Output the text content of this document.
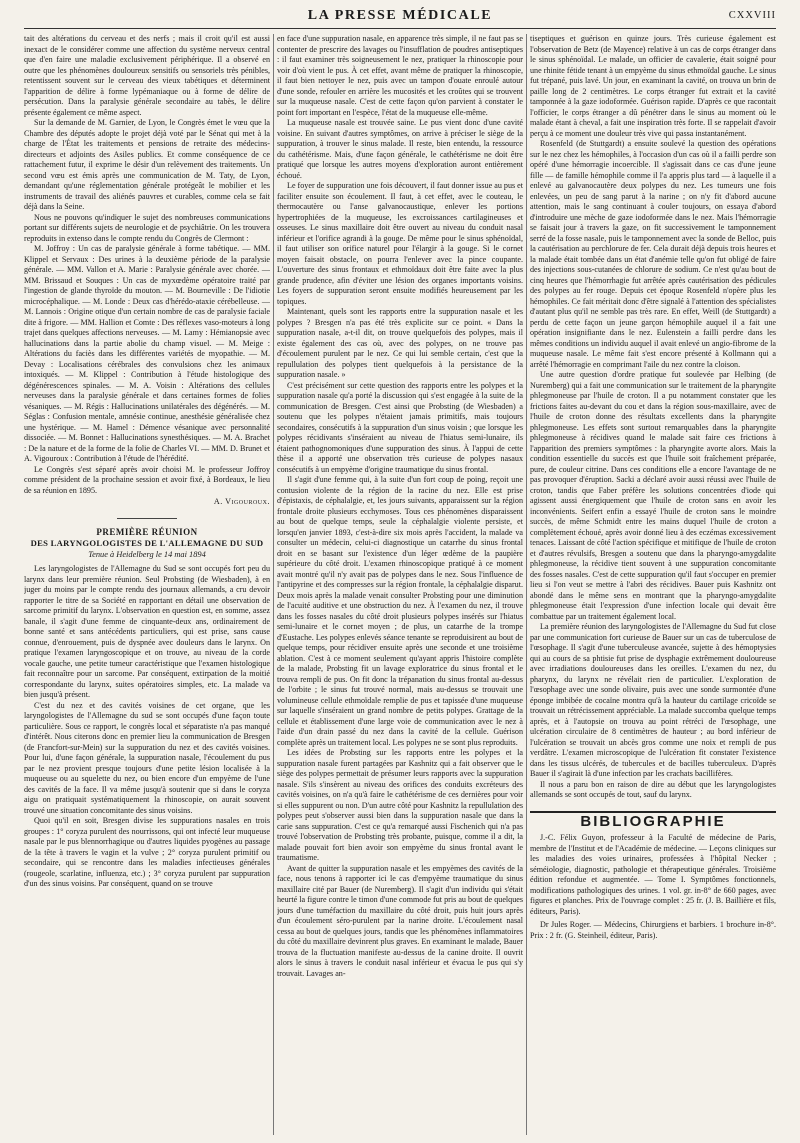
LA PRESSE MÉDICALE	CXXVIII

tait des altérations du cerveau et des nerfs ; mais il croit qu'il est aussi inexact de le considérer comme une affection du système nerveux central que d'en faire une maladie exclusivement périphérique. Il a observé en outre que les phénomènes douloureux sensitifs ou sensoriels très pénibles, retentissent souvent sur le cerveau des vieux tabétiques et déterminent l'apparition de délire à forme lypémaniaque ou à forme de délire de persécution. Dans la paralysie générale secondaire au tabès, le délire présente également ce même aspect.

Sur la demande de M. Garnier, de Lyon, le Congrès émet le vœu que la Chambre des députés adopte le projet déjà voté par le Sénat qui met à la charge de l'État les traitements et pensions de retraite des médecins-directeurs et adjoints des Asiles publics. Et comme conséquence de ce rattachement futur, il exprime le désir d'un relèvement des traitements. Un second vœu est émis après une communication de M. Taty, de Lyon, demandant qu'une réglementation générale protégeât le mobilier et les instruments de travail des aliénés pauvres et curables, comme cela se fait déjà dans la Seine.

Nous ne pouvons qu'indiquer le sujet des nombreuses communications portant sur différents sujets de neurologie et de psychiâtrie. On les trouvera reproduits in extenso dans le compte rendu du Congrès de Clermont :

M. Joffroy : Un cas de paralysie générale à forme tabétique. — MM. Klippel et Servaux : Des urines à la deuxième période de la paralysie générale. — MM. Vallon et A. Marie : Paralysie générale avec chorée. — MM. Brissaud et Souques : Un cas de myxœdème opératoire traité par l'ingestion de glande thyroïde du mouton. — M. Bourneville : De l'idiotie microcéphalique. — M. Londe : Deux cas d'hérédo-ataxie cérébelleuse. — M. Lannois : Origine otique d'un certain nombre de cas de paralysie faciale dite à frigore. — MM. Hallion et Comte : Des réflexes vaso-moteurs à long trajet dans quelques affections nerveuses. — M. Lamy : Hémianopsie avec hallucinations dans la partie abolie du champ visuel. — M. Meige : Altérations du faciès dans les différentes variétés de myopathie. — M. Devay : Localisations cérébrales des convulsions chez les animaux intoxiqués. — M. Klippel : Contribution à l'étude histologique des dégénérescences spinales. — M. A. Voisin : Altérations des cellules nerveuses dans la paralysie générale et dans certaines formes de folies vésaniques. — M. Régis : Hallucinations unilatérales des dégénérés. — M. Séglas : Confusion mentale, amnésie continue, anesthésie généralisée chez une hystérique. — M. Hamel : Démence vésanique avec personnalité dissociée. — M. Bonnet : Hallucinations synesthésiques. — M. A. Brachet : De la nature et de la forme de la folie de Charles VI. — MM. D. Brunet et A. Vigouroux : Contribution à l'étude de l'hérédité.

Le Congrès s'est séparé après avoir choisi M. le professeur Joffroy comme président de la prochaine session et avoir fixé, à Bordeaux, le lieu de sa réunion en 1895.

A. Vigouroux.
PREMIÈRE RÉUNION
DES LARYNGOLOGISTES DE L'ALLEMAGNE DU SUD
Tenue à Heidelberg le 14 mai 1894

Les laryngologistes de l'Allemagne du Sud se sont occupés fort peu du larynx dans leur première réunion. Seul Probsting (de Wiesbaden), à en juger du moins par le compte rendu des journaux allemands, a cru devoir rapporter le titre de sa Société en rapportant en détail une observation de sarcome primitif du larynx. L'observation en question est, en somme, assez banale, il s'agit d'une femme de cinquante-deux ans, ordinairement de bonne santé et sans antécédents particuliers, qui est prise, sans cause connue, d'enrouement, puis de dyspnée avec douleurs dans le larynx. On pratique l'examen laryngoscopique et on trouve, au niveau de la corde vocale gauche, une petite tumeur caractéristique que l'examen histologique fait reconnaître pour un sarcome. Par conséquent, extirpation de la moitié correspondante du larynx, suites opératoires simples, etc. La malade va bien jusqu'à présent.

C'est du nez et des cavités voisines de cet organe, que les laryngologistes de l'Allemagne du sud se sont occupés d'une façon toute particulière. Sous ce rapport, le congrès local et séparatiste n'a pas manqué d'intérêt. Nous citerons donc en premier lieu la communication de Bresgen (de Francfort-sur-Mein) sur la suppuration du nez et des cavités voisines. Pour lui, d'une façon générale, la suppuration nasale, l'écoulement du pus par le nez provient presque toujours d'une petite lésion localisée à la muqueuse ou au squelette du nez, ou bien encore d'un empyème de l'une des cavités de la face. Il va même jusqu'à soutenir que si dans le coryza aigu on pratiquait systématiquement la rhinoscopie, on aurait souvent trouvé une situation concomitante des sinus voisins.

Quoi qu'il en soit, Bresgen divise les suppurations nasales en trois groupes : 1° coryza purulent des nourrissons, qui ont infecté leur muqueuse nasale par le pus blennorrhagique ou d'autres liquides pyogènes au passage de la tête à travers le vagin et la vulve ; 2° coryza purulent primitif ou secondaire, qui se rencontre dans les maladies infectieuses générales (rougeole, scarlatine, influenza, etc.) ; 3° coryza purulent par suppuration d'un des sinus voisins. Par conséquent, quand on se trouve

en face d'une suppuration nasale, en apparence très simple, il ne faut pas se contenter de prescrire des lavages ou l'insufflation de poudres antiseptiques : il faut examiner très soigneusement le nez, pratiquer la rhinoscopie pour voir d'où vient le pus. À cet effet, avant même de pratiquer la rhinoscopie, il faut bien nettoyer le nez, puis avec un tampon d'ouate enroulé autour d'une sonde, refouler en arrière les mucosités et les croûtes qui se trouvent sur la muqueuse nasale. C'est de cette façon qu'on parvient à constater le point fort important en l'espèce, l'état de la muqueuse elle-même.

La muqueuse nasale est trouvée saine. Le pus vient donc d'une cavité voisine. En suivant d'autres symptômes, on arrive à préciser le siège de la suppuration, à trouver le sinus malade. Il reste, bien entendu, la ressource du cathétérisme. Mais, d'une façon générale, le cathétérisme ne doit être pratiqué que lorsque les autres moyens d'exploration auront entièrement échoué.

Le foyer de suppuration une fois découvert, il faut donner issue au pus et faciliter ensuite son écoulement. Il faut, à cet effet, avec le couteau, le thermocautère ou l'anse galvanocaustique, enlever les portions hypertrophiées de la muqueuse, les excroissances cartilagineuses et osseuses. Le sinus maxillaire doit être ouvert au niveau du conduit nasal inférieur et l'orifice agrandi à la gouge. De même pour le sinus sphénoïdal, il faut utiliser son orifice naturel pour l'élargir à la gouge. Si le cornet moyen faisait obstacle, on pourra l'enlever avec la pince coupante. L'ouverture des sinus frontaux et ethmoïdaux doit être faite avec la plus grande prudence, afin d'éviter une lésion des organes importants voisins. Les foyers de suppuration seront ensuite modifiés heureusement par les topiques.

Maintenant, quels sont les rapports entre la suppuration nasale et les polypes ? Bresgen n'a pas été très explicite sur ce point. « Dans la suppuration nasale, a-t-il dit, on trouve quelquefois des polypes, mais il existe également des cas où, avec des polypes, on ne trouve pas d'écoulement purulent par le nez. Ce qui lui semble certain, c'est que la repullulation des polypes tient quelquefois à la persistance de la suppuration nasale. »

C'est précisément sur cette question des rapports entre les polypes et la suppuration nasale qu'a porté la discussion qui s'est engagée à la suite de la communication de Bresgen. C'est ainsi que Probsting (de Wiesbaden) a soutenu que les polypes n'étaient jamais primitifs, mais toujours secondaires, consécutifs à la suppuration d'un sinus voisin ; que lorsque les polypes récidivants s'inséraient au niveau de l'hiatus semi-lunaire, ils étaient pathognomoniques d'une suppuration des sinus. À l'appui de cette thèse il a apporté une observation très curieuse de polypes nasaux consécutifs à un empyème d'origine traumatique du sinus frontal.

Il s'agit d'une femme qui, à la suite d'un fort coup de poing, reçoit une contusion violente de la région de la racine du nez. Elle est prise d'épistaxis, de céphalalgie, et, les jours suivants, apparaissent sur la région frontale droite plusieurs ecchymoses. Tous ces phénomènes disparaissent au bout de quelque temps, seule la céphalalgie violente persiste, et lorsqu'en janvier 1893, c'est-à-dire six mois après l'accident, la malade va consulter un médecin, celui-ci diagnostique un catarrhe du sinus frontal droit en se basant sur l'existence d'un léger œdème de la paupière supérieure du côté droit. L'examen rhinoscopique pratiqué à ce moment avait montré qu'il n'y avait pas de polypes dans le nez. Sous l'influence de l'antipyrine et des compresses sur la région frontale, la céphalalgie disparut. Deux mois après la malade venait consulter Probsting pour une diminution de l'acuité auditive et une obstruction du nez. À l'examen du nez, il trouve dans les fosses nasales du côté droit plusieurs polypes insérés sur l'hiatus semi-lunaire et le cornet moyen ; de plus, un catarrhe de la trompe d'Eustache. Les polypes enlevés séance tenante se reproduisirent au bout de quelque temps, pour récidiver ensuite après une seconde et une troisième ablation. C'est à ce moment seulement qu'ayant appris l'histoire complète de la malade, Probsting fit un lavage exploratrice du sinus frontal et le trouva rempli de pus. On fit donc la trépanation du sinus frontal au-dessus de l'orbite ; le sinus fut trouvé normal, mais au-dessus se trouvait une volumineuse cellule ethmoïdale remplie de pus et tapissée d'une muqueuse sur laquelle s'inséraient un grand nombre de petits polypes. Grattage de la cellule et établissement d'une large voie de communication avec le nez à l'aide d'un drain passé du nez dans la cavité de la cellule. Guérison complète après un traitement local. Les polypes ne se sont plus reproduits.

Les idées de Probsting sur les rapports entre les polypes et la suppuration nasale furent partagées par Kashnitz qui a fait observer que le siège des polypes permettait de présumer leurs rapports avec la suppuration nasale. S'ils s'insèrent au niveau des orifices des conduits excréteurs des cavités voisines, on n'a qu'à faire le cathétérisme de ces dernières pour voir si elles suppurent ou non. D'un autre côté pour Kashnitz la repullulation des polypes peut s'observer aussi bien dans la suppuration nasale que dans la carie sans suppuration. C'est ce qu'a remarqué aussi Fischenich qui n'a pas trouvé l'observation de Probsting très probante, puisque, comme il a dit, la malade pouvait fort bien avoir son empyème du sinus frontal avant le traumatisme.

Avant de quitter la suppuration nasale et les empyèmes des cavités de la face, nous tenons à rapporter ici le cas d'empyème traumatique du sinus maxillaire cité par Bauer (de Nuremberg). Il s'agit d'un individu qui s'était heurté la figure contre le timon d'une commode fut pris au bout de quelques jours d'une tuméfaction du maxillaire du côté droit, puis huit jours après d'un écoulement séro-purulent par la narine droite. L'écoulement nasal cessa au bout de quelques jours, tandis que les phénomènes inflammatoires du côté du maxillaire devinrent plus graves. En examinant le malade, Bauer trouva de la fluctuation manifeste au-dessus de la canine droite. Il ouvrit alors le sinus à travers le conduit nasal inférieur et évacua le pus qui s'y trouvait. Lavages an-

tiseptiques et guérison en quinze jours. Très curieuse également est l'observation de Betz (de Mayence) relative à un cas de corps étranger dans le sinus sphénoïdal. Le malade, un officier de cavalerie, était soigné pour une rhinite fétide tenant à un empyème du sinus ethmoïdal gauche. Le sinus fut trépané, puis lavé. Un jour, en examinant la cavité, on trouva un brin de paille long de 2 centimètres. Le corps étranger fut extrait et la cavité tamponnée à la gaze iodoformée. Guérison rapide. D'après ce que racontait l'officier, le corps étranger a dû pénétrer dans le sinus au moment où le malade étant à cheval, a fait une inspiration très forte. Il se rappelait d'avoir perçu à ce moment une douleur très vive qui passa instantanément.

Rosenfeld (de Stuttgardt) a ensuite soulevé la question des opérations sur le nez chez les hémophiles, à l'occasion d'un cas où il a failli perdre son opéré d'une hémorragie incoercible. Il s'agissait dans ce cas d'une jeune fille — de famille hémophile comme il l'a appris plus tard — à laquelle il a enlevé au galvanocautère deux polypes du nez. Les tumeurs une fois enlevées, un peu de sang parut à la narine ; on n'y fit d'abord aucune attention, mais le sang continuant à couler toujours, on essaya d'abord d'introduire une mèche de gaze iodoformée dans le nez. Mais l'hémorragie se faisait jour à travers la gaze, on fit successivement le tamponnement serré de la fosse nasale, puis le tamponnement avec la sonde de Belloc, puis la cautérisation au perchlorure de fer. Cela durait déjà depuis trois heures et la malade était tombée dans un état d'anémie telle qu'on fut obligé de faire des injections sous-cutanées de chlorure de sodium. Ce n'est qu'au bout de cinq heures que l'hémorrhagie fut arrêtée après cautérisation des pédicules des polypes au fer rouge. Depuis cet époque Rosenfeld n'opère plus les hémophiles. Ce fait méritait donc d'être signalé à l'attention des spécialistes d'autant plus qu'il ne semble pas très rare. En effet, Weill (de Stuttgardt) a perdu de cette façon un jeune garçon hémophile auquel il a fait une opération insignifiante dans le nez. Eulenstein a failli perdre dans les mêmes conditions un individu auquel il avait enlevé un angio-fibrome de la muqueuse nasale. Le même fait s'est encore présenté à Kollmann qui a arrêté l'hémorragie en comprimant l'aile du nez contre la cloison.

Une autre question d'ordre pratique fut soulevée par Helbing (de Nuremberg) qui a fait une communication sur le traitement de la pharyngite phlegmoneuse par l'huile de croton. Il a pu notamment constater que les frictions faites au-devant du cou et dans la région sous-maxillaire, avec de l'huile de croton donne des résultats excellents dans la pharyngite phlegmoneuse. Les effets sont surtout remarquables dans la pharyngite phlegmoneuse à récidives quand le malade sait faire ces frictions à l'apparition des premiers symptômes : la pharyngite avorte alors. Mais la condition essentielle du succès est que l'huile soit fraîchement préparée, pure, de couleur citrine. Dans ces conditions elle a encore l'avantage de ne pas provoquer d'éruption. Sacki a déclaré avoir aussi réussi avec l'huile de croton, tandis que Faber préfère les solutions concentrées d'iode qui agissent aussi énergiquement que l'huile de croton sans en avoir les inconvénients. Seifert enfin a essayé l'huile de croton sans le moindre succès, de même Schmidt entre les mains duquel l'huile de croton a complètement échoué, après avoir donné lieu à des eczémas excessivement tenaces. Laissant de côté l'action spécifique et mitifique de l'huile de croton et d'autres révulsifs, Bresgen a soutenu que dans la pharyngo-amygdalite phlegmoneuse, la récidive tient souvent à une suppuration concomitante des fosses nasales. C'est de cette suppuration qu'il faut s'occuper en premier lieu si l'on veut se mettre à l'abri des récidives. Bauer puis Kashnitz ont abondé dans le même sens en montrant que la pharyngo-amygdalite phlegmoneuse était l'expression d'une infection locale qui devait être combattue par un traitement également local.

La première réunion des laryngologistes de l'Allemagne du Sud fut close par une communication fort curieuse de Bauer sur un cas de tuberculose de l'œsophage. Il s'agit d'une tuberculeuse avancée, sujette à des hémoptysies qui au cours de sa phtisie fut prise de dysphagie extrêmement douloureuse avec irradiations douloureuses dans les oreilles. L'examen du nez, du pharynx, du larynx ne révélait rien de particulier. L'exploration de l'œsophage avec une sonde olivaire, puis avec une sonde surmontée d'une éponge imbibée de cocaïne montra qu'à la hauteur du cartilage cricoïde se trouvait un rétrécissement appréciable. La malade succomba quelque temps après, et à l'autopsie on trouva au point rétréci de l'œsophage, une ulcération circulaire de 8 centimètres de hauteur ; au bord inférieur de l'ulcération se trouvait un abcès gros comme une noix et rempli de pus verdâtre. L'examen microscopique de l'ulcération fit constater l'existence dans les tissus ulcérés, de tubercules et de bacilles tuberculeux. D'après Bauer il s'agirait là d'une infection par les crachats bacillifères.

Il nous a paru bon en raison de dire au début que les laryngologistes allemands se sont occupés de tout, sauf du larynx.

BIBLIOGRAPHIE

J.-C. Félix Guyon, professeur à la Faculté de médecine de Paris, membre de l'Institut et de l'Académie de médecine. — Leçons cliniques sur les maladies des voies urinaires, professées à l'hôpital Necker ; séméiologie, diagnostic, pathologie et thérapeutique générales. Troisième édition refondue et augmentée. — Tome I. Symptômes fonctionnels, modifications pathologiques des urines. 1 vol. gr. in-8° de 660 pages, avec figures et planches. Prix de l'ouvrage complet : 25 fr. (J. B. Baillière et fils, éditeurs, Paris).

Dr Jules Roger. — Médecins, Chirurgiens et barbiers. 1 brochure in-8°. Prix : 2 fr. (G. Steinheil, éditeur, Paris).
